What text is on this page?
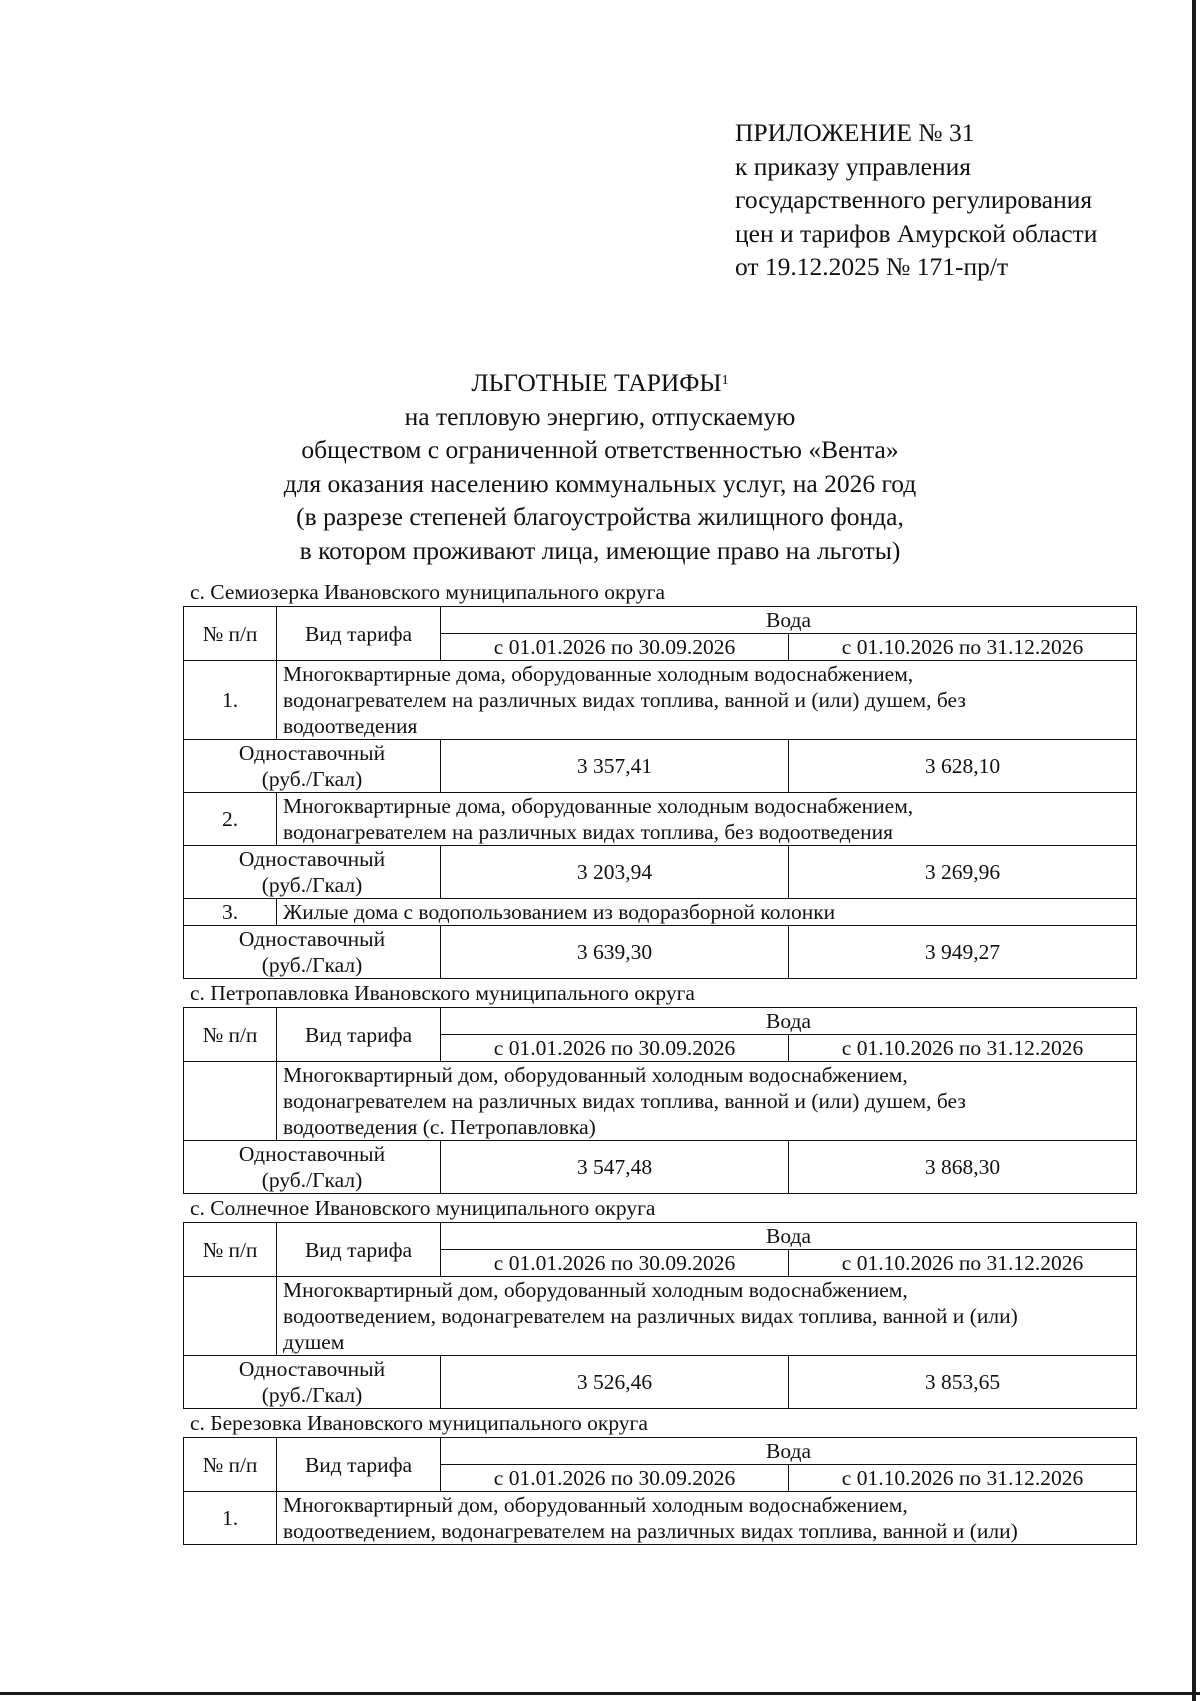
ПРИЛОЖЕНИЕ № 31
к приказу управления
государственного регулирования
цен и тарифов Амурской области
от 19.12.2025 № 171-пр/т
ЛЬГОТНЫЕ ТАРИФЫ$^1$
на тепловую энергию, отпускаемую
обществом с ограниченной ответственностью «Вента»
для оказания населению коммунальных услуг, на 2026 год
(в разрезе степеней благоустройства жилищного фонда,
в котором проживают лица, имеющие право на льготы)
с. Семиозерка Ивановского муниципального округа
№ п/п	Вид тарифа	Вода	
		с 01.01.2026 по 30.09.2026	с 01.10.2026 по 31.12.2026
1.	Многоквартирные дома, оборудованные холодным водоснабжением,
водонагревателем на различных видах топлива, ванной и (или) душем, без
водоотведения		

Одноставочный
(руб./Гкал)		3 357,41	3 628,10
2.	Многоквартирные дома, оборудованные холодным водоснабжением,
водонагревателем на различных видах топлива, без водоотведения		

Одноставочный
(руб./Гкал)		3 203,94	3 269,96
3.	Жилые дома с водопользованием из водоразборной колонки		

Одноставочный
(руб./Гкал)		3 639,30	3 949,27
с. Петропавловка Ивановского муниципального округа
№ п/п	Вид тарифа	Вода	
		с 01.01.2026 по 30.09.2026	с 01.10.2026 по 31.12.2026

	Многоквартирный дом, оборудованный холодным водоснабжением,
водонагревателем на различных видах топлива, ванной и (или) душем, без
водоотведения (с. Петропавловка)		

Одноставочный
(руб./Гкал)		3 547,48	3 868,30
с. Солнечное Ивановского муниципального округа
№ п/п	Вид тарифа	Вода	
		с 01.01.2026 по 30.09.2026	с 01.10.2026 по 31.12.2026

	Многоквартирный дом, оборудованный холодным водоснабжением,
водоотведением, водонагревателем на различных видах топлива, ванной и (или)
душем		

Одноставочный
(руб./Гкал)		3 526,46	3 853,65
с. Березовка Ивановского муниципального округа
№ п/п	Вид тарифа	Вода	
		с 01.01.2026 по 30.09.2026	с 01.10.2026 по 31.12.2026
1.	Многоквартирный дом, оборудованный холодным водоснабжением,
водоотведением, водонагревателем на различных видах топлива, ванной и (или)		
